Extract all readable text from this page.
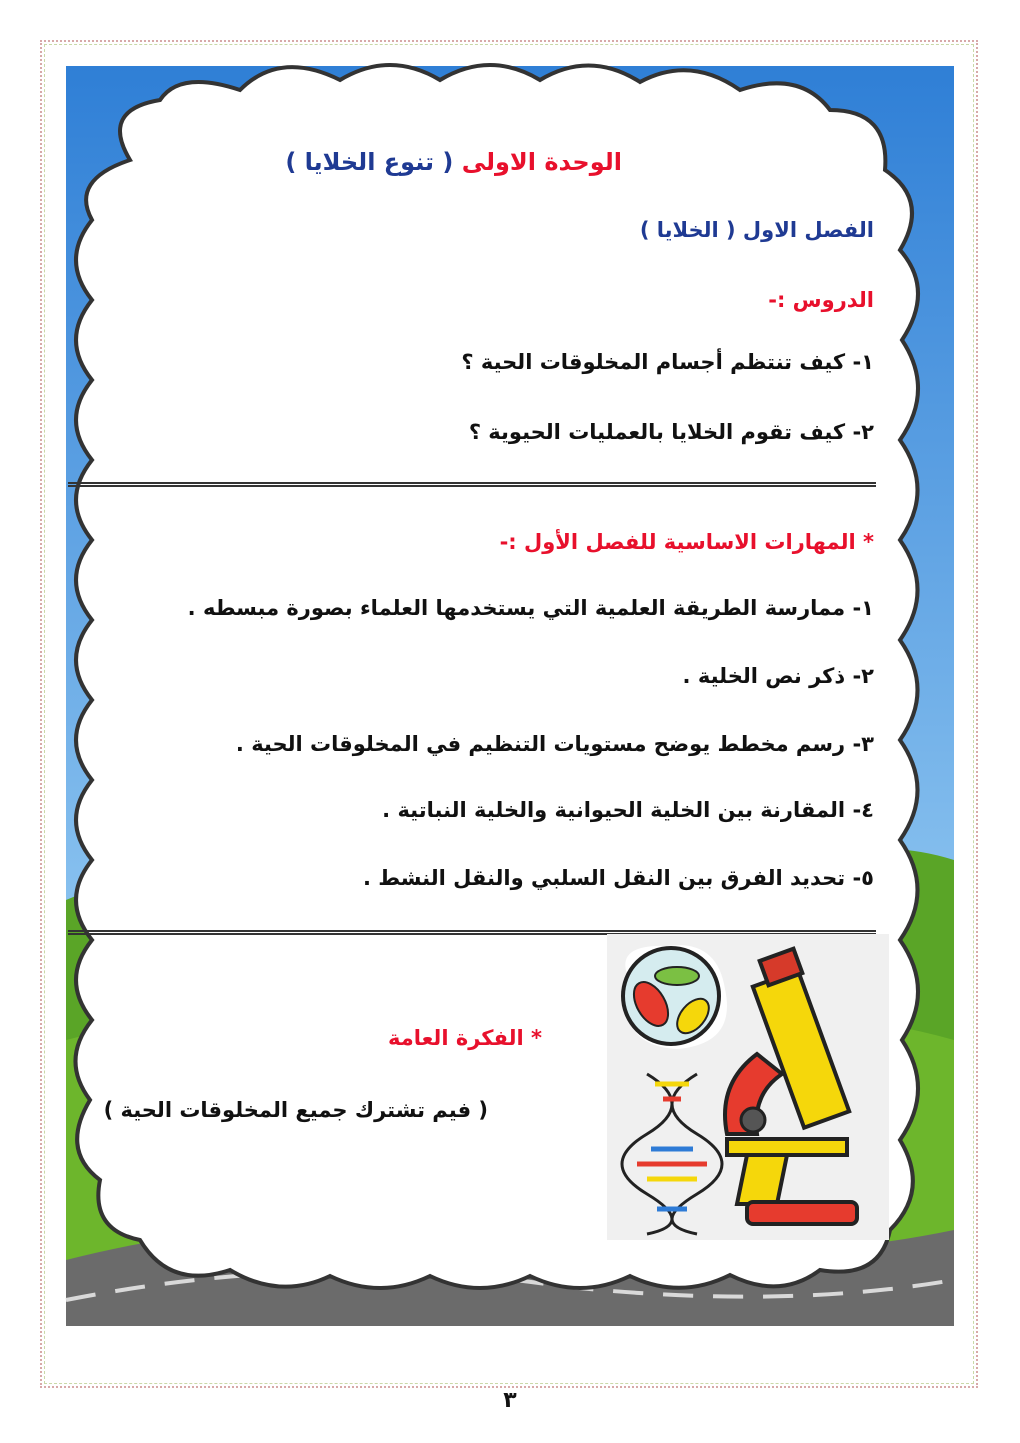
الوحدة الاولى ( تنوع الخلايا )

الفصل الاول ( الخلايا )

الدروس :-

١- كيف تنتظم أجسام المخلوقات الحية ؟

٢- كيف تقوم الخلايا بالعمليات الحيوية ؟

* المهارات الاساسية للفصل الأول :-

١- ممارسة الطريقة العلمية التي يستخدمها العلماء بصورة مبسطه .

٢- ذكر نص الخلية .

٣- رسم مخطط يوضح مستويات التنظيم في المخلوقات الحية .

٤- المقارنة بين الخلية الحيوانية والخلية النباتية .

٥- تحديد الفرق بين النقل السلبي والنقل النشط .

* الفكرة العامة

( فيم تشترك جميع المخلوقات الحية )

٣
